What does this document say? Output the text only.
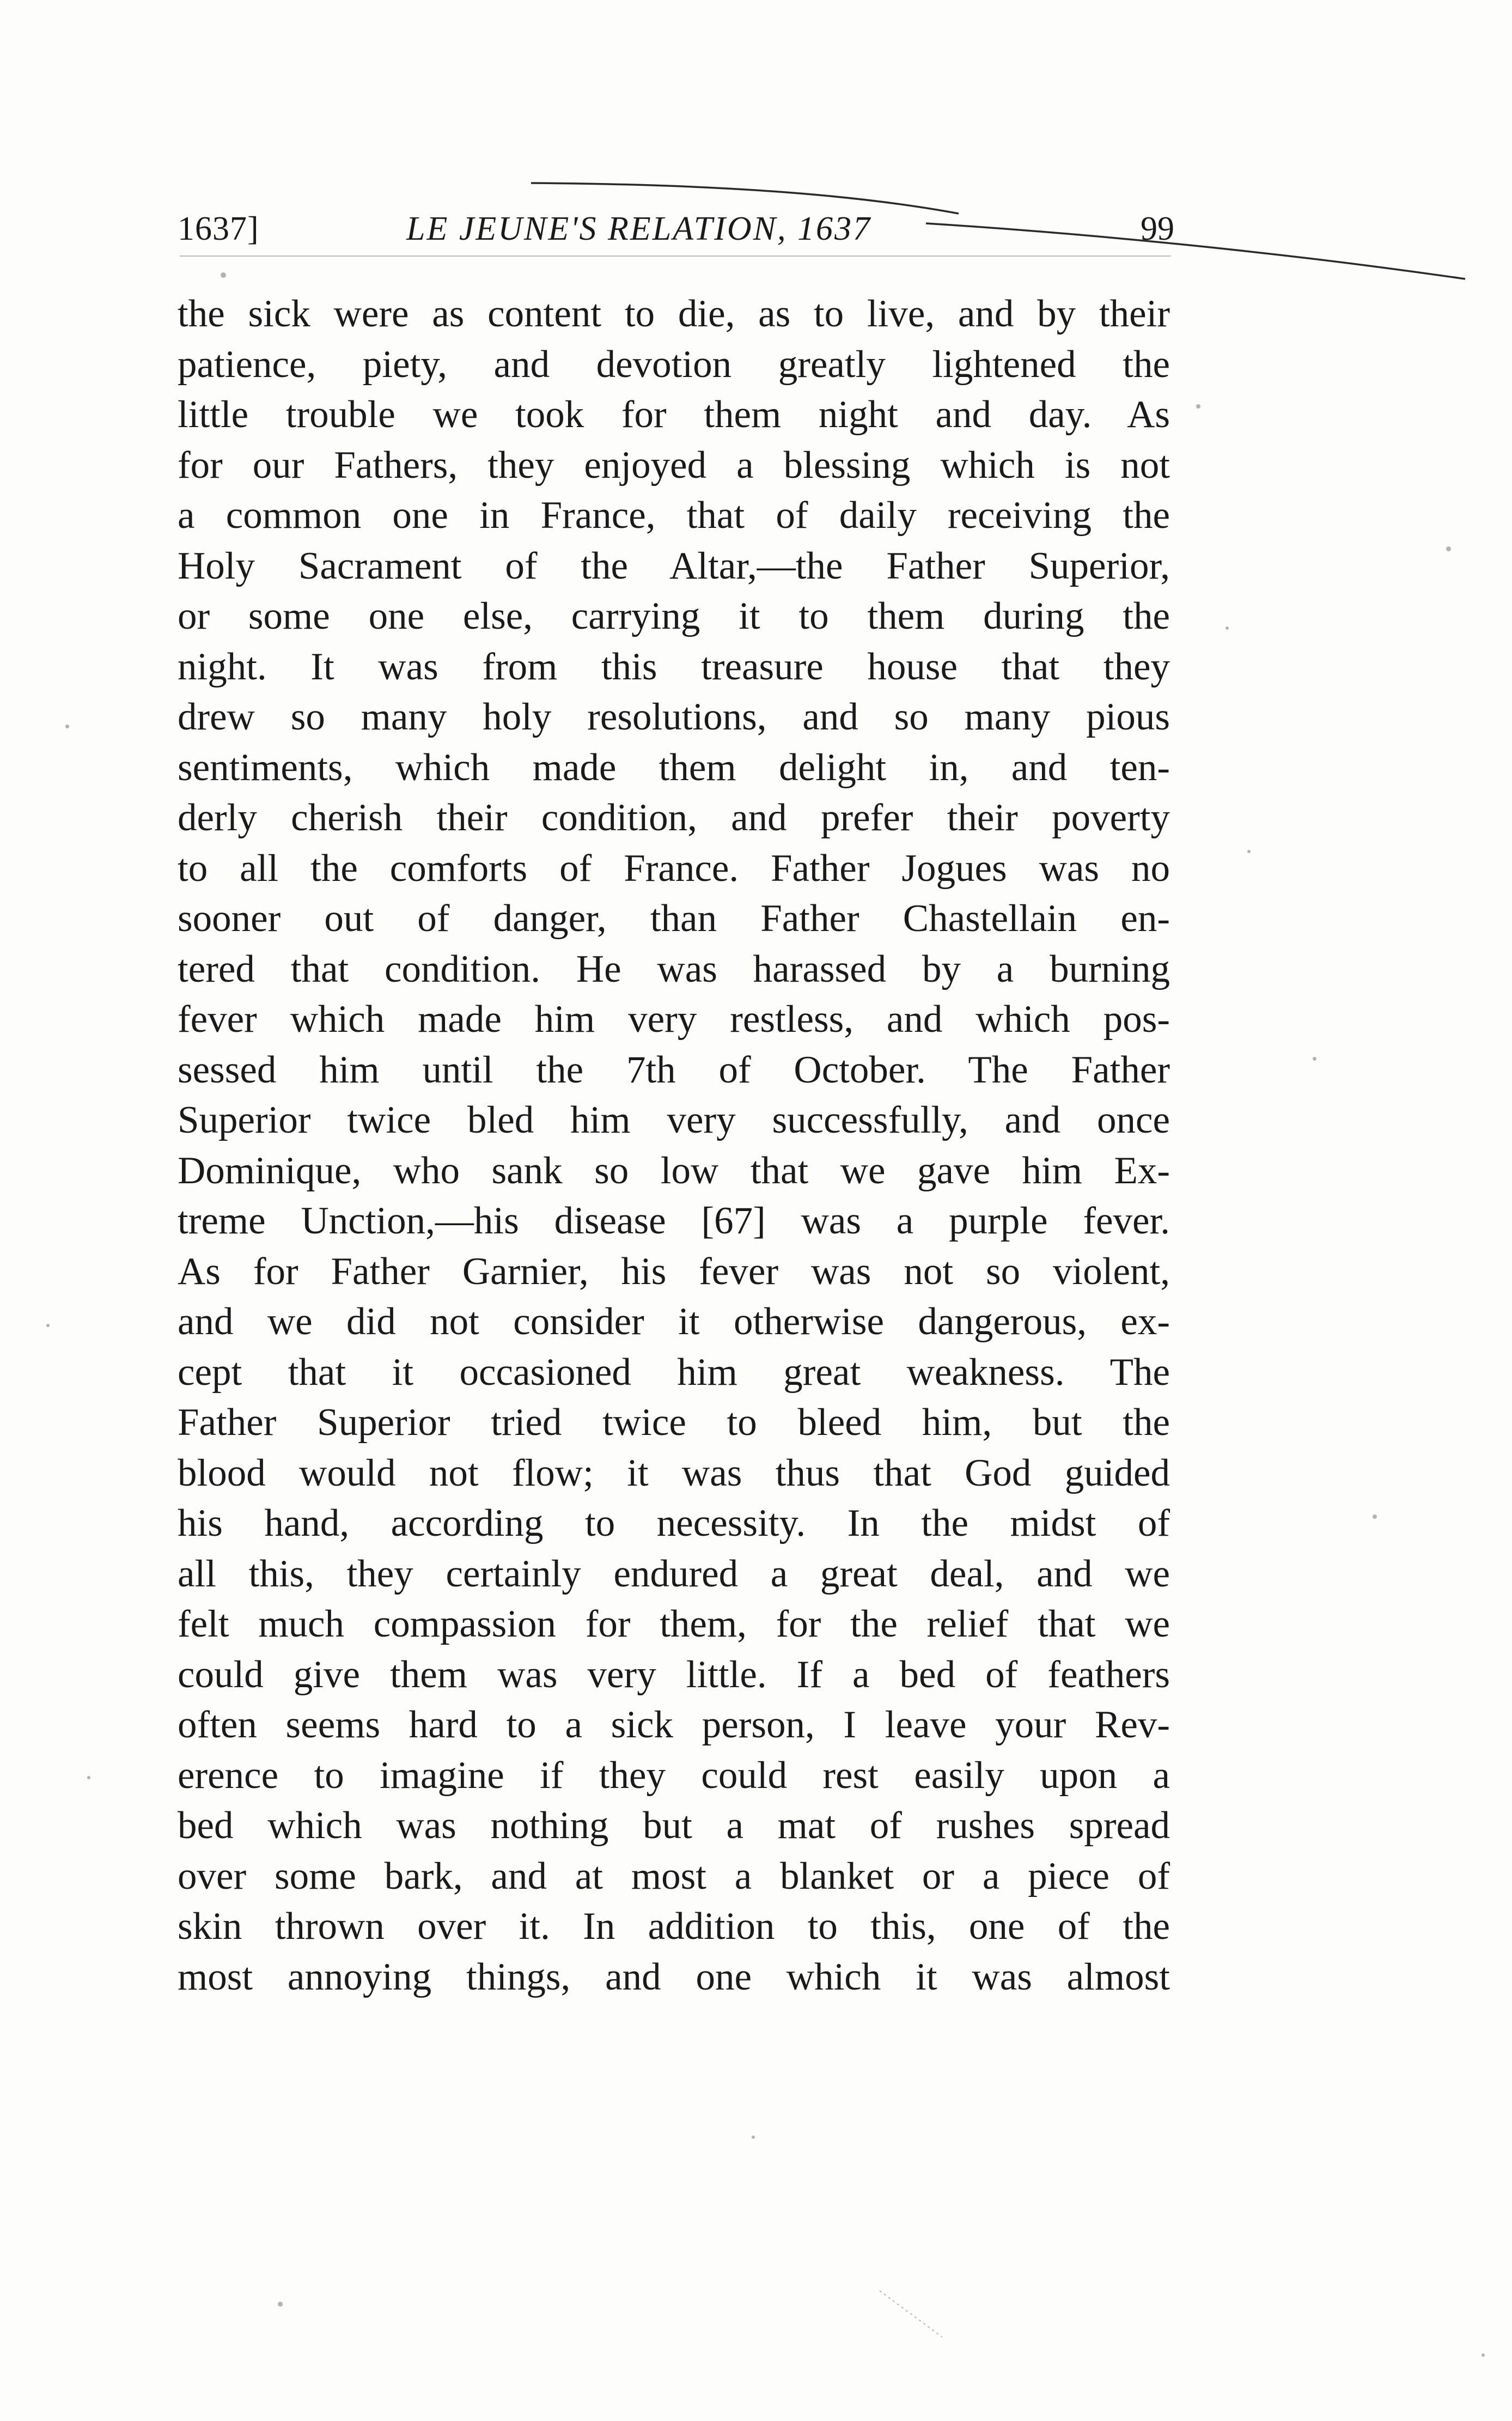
1637]	LE JEUNE'S RELATION, 1637	99
the sick were as content to die, as to live, and by their
patience, piety, and devotion greatly lightened the
little trouble we took for them night and day. As
for our Fathers, they enjoyed a blessing which is not
a common one in France, that of daily receiving the
Holy Sacrament of the Altar,—the Father Superior,
or some one else, carrying it to them during the
night. It was from this treasure house that they
drew so many holy resolutions, and so many pious
sentiments, which made them delight in, and ten-
derly cherish their condition, and prefer their poverty
to all the comforts of France. Father Jogues was no
sooner out of danger, than Father Chastellain en-
tered that condition. He was harassed by a burning
fever which made him very restless, and which pos-
sessed him until the 7th of October. The Father
Superior twice bled him very successfully, and once
Dominique, who sank so low that we gave him Ex-
treme Unction,—his disease [67] was a purple fever.
As for Father Garnier, his fever was not so violent,
and we did not consider it otherwise dangerous, ex-
cept that it occasioned him great weakness. The
Father Superior tried twice to bleed him, but the
blood would not flow; it was thus that God guided
his hand, according to necessity. In the midst of
all this, they certainly endured a great deal, and we
felt much compassion for them, for the relief that we
could give them was very little. If a bed of feathers
often seems hard to a sick person, I leave your Rev-
erence to imagine if they could rest easily upon a
bed which was nothing but a mat of rushes spread
over some bark, and at most a blanket or a piece of
skin thrown over it. In addition to this, one of the
most annoying things, and one which it was almost
